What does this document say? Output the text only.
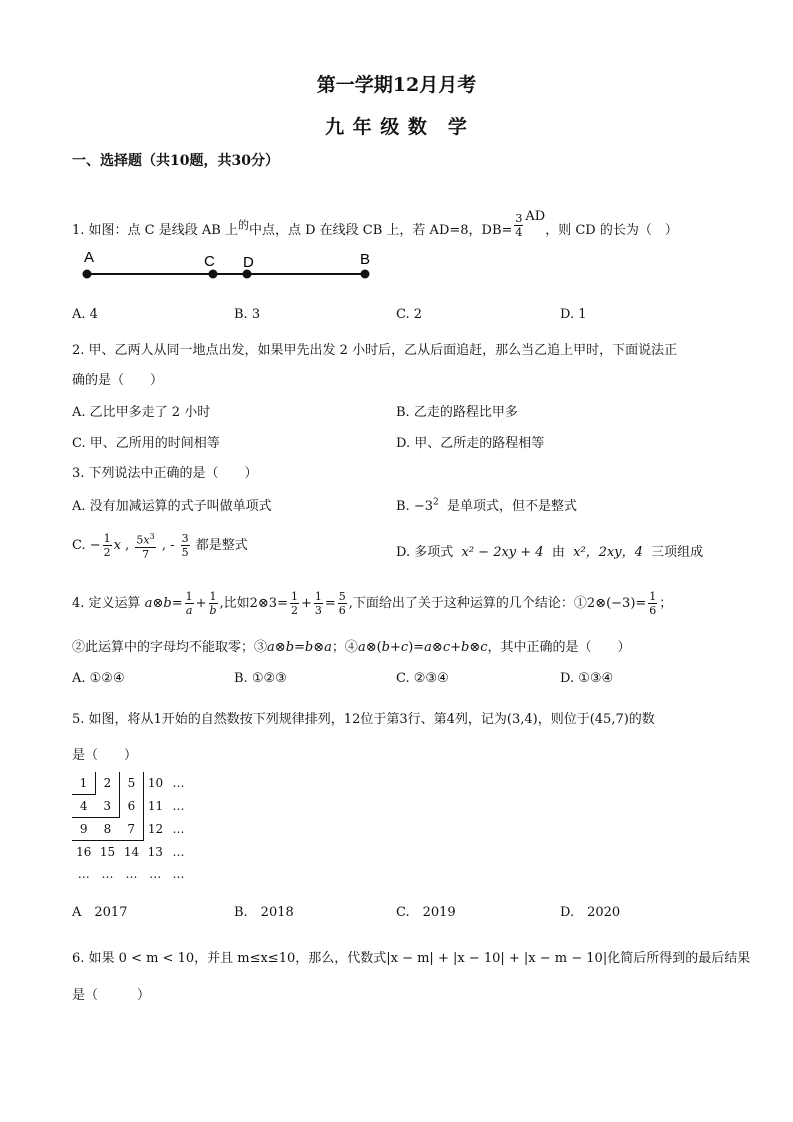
第一学期12月月考
九 年 级 数　学
一、选择题（共10题，共30分）
1. 如图：点 C 是线段 AB 上$^的$中点，点 D 在线段 CB 上，若 AD=8，$DB= \frac{3}{4}$ AD，则 CD 的长为（　）
A	C D	B
A. 4	B. 3	C. 2	D. 1
2. 甲、乙两人从同一地点出发，如果甲先出发 2 小时后，乙从后面追赶，那么当乙追上甲时，下面说法正
确的是（　　）
A. 乙比甲多走了 2 小时	B. 乙走的路程比甲多
C. 甲、乙所用的时间相等	D. 甲、乙所走的路程相等
3. 下列说法中正确的是（　　）
A. 没有加减运算的式子叫做单项式	B. $-3^2$ 是单项式，但不是整式
C. − $\frac{1}{2}$ x , $\frac{5x^3}{7}$ , - $\frac{3}{5}$ 都是整式	D. 多项式 x² − 2xy + 4 由 x²，2xy，4 三项组成
4. 定义运算 a⊗b= $\frac{1}{a} + \frac{1}{b}$ ,比如2⊗3= $\frac{1}{2} + \frac{1}{3} = \frac{5}{6}$ ,下面给出了关于这种运算的几个结论：①2⊗(−3)= $\frac{1}{6}$ ；
②此运算中的字母均不能取零；③a⊗b=b⊗a；④a⊗(b+c)=a⊗c+b⊗c，其中正确的是（　　）
A. ①②④	B. ①②③	C. ②③④	D. ①③④
5. 如图，将从1开始的自然数按下列规律排列，12位于第3行、第4列，记为(3,4)，则位于(45,7)的数
是（　　）
1	2	5	10	…
4	3	6	11	…
9	8	7	12	…
16	15	14	13	…
…	…	…	…	…
A　2017	B.　2018	C.　2019	D.　2020
6. 如果 0 < m < 10，并且 m≤x≤10，那么，代数式|x − m| + |x − 10| + |x − m − 10|化简后所得到的最后结果
是（　　　）
